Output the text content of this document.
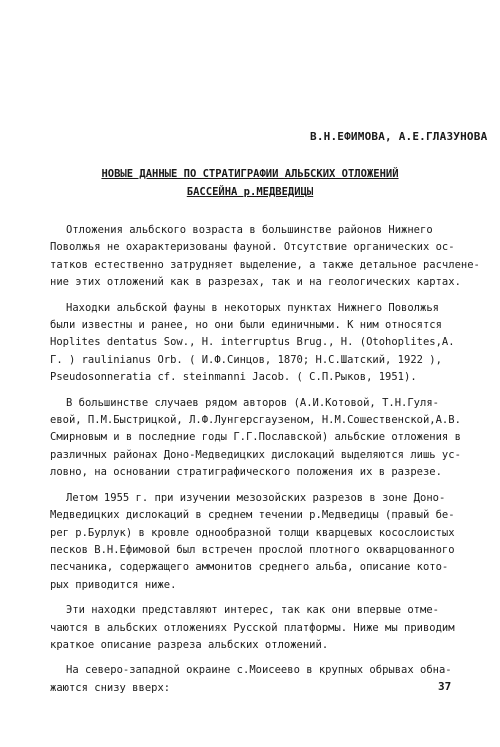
В.Н.ЕФИМОВА, А.Е.ГЛАЗУНОВА
НОВЫЕ ДАННЫЕ ПО СТРАТИГРАФИИ АЛЬБСКИХ ОТЛОЖЕНИЙ
БАССЕЙНА р.МЕДВЕДИЦЫ
Отложения альбского возраста в большинстве районов Нижнего
Поволжья не охарактеризованы фауной. Отсутствие органических ос-
татков естественно затрудняет выделение, а также детальное расчлене-
ние этих отложений как в разрезах, так и на геологических картах.
Находки альбской фауны в некоторых пунктах Нижнего Поволжья
были известны и ранее, но они были единичными. К ним относятся
Hoplites dentatus Sow., H. interruptus Brug., H. (Otohoplites,A.
Г. ) raulinianus Orb. ( И.Ф.Синцов, 1870; Н.С.Шатский, 1922 ),
Pseudosonneratia cf. steinmanni Jacob. ( С.П.Рыков, 1951).
В большинстве случаев рядом авторов (А.И.Котовой, Т.Н.Гуля-
евой, П.М.Быстрицкой, Л.Ф.Лунгерсгаузеном, Н.М.Сошественской,А.В.
Смирновым и в последние годы Г.Г.Пославской) альбские отложения в
различных районах Доно-Медведицких дислокаций выделяются лишь ус-
ловно, на основании стратиграфического положения их в разрезе.
Летом 1955 г. при изучении мезозойских разрезов в зоне Доно-
Медведицких дислокаций в среднем течении р.Медведицы (правый бе-
рег р.Бурлук) в кровле однообразной толщи кварцевых косослоистых
песков В.Н.Ефимовой был встречен прослой плотного окварцованного
песчаника, содержащего аммонитов среднего альба, описание кото-
рых приводится ниже.
Эти находки представляют интерес, так как они впервые отме-
чаются в альбских отложениях Русской платформы. Ниже мы приводим
краткое описание разреза альбских отложений.
На северо-западной окраине с.Моисеево в крупных обрывах обна-
жаются снизу вверх:	37
